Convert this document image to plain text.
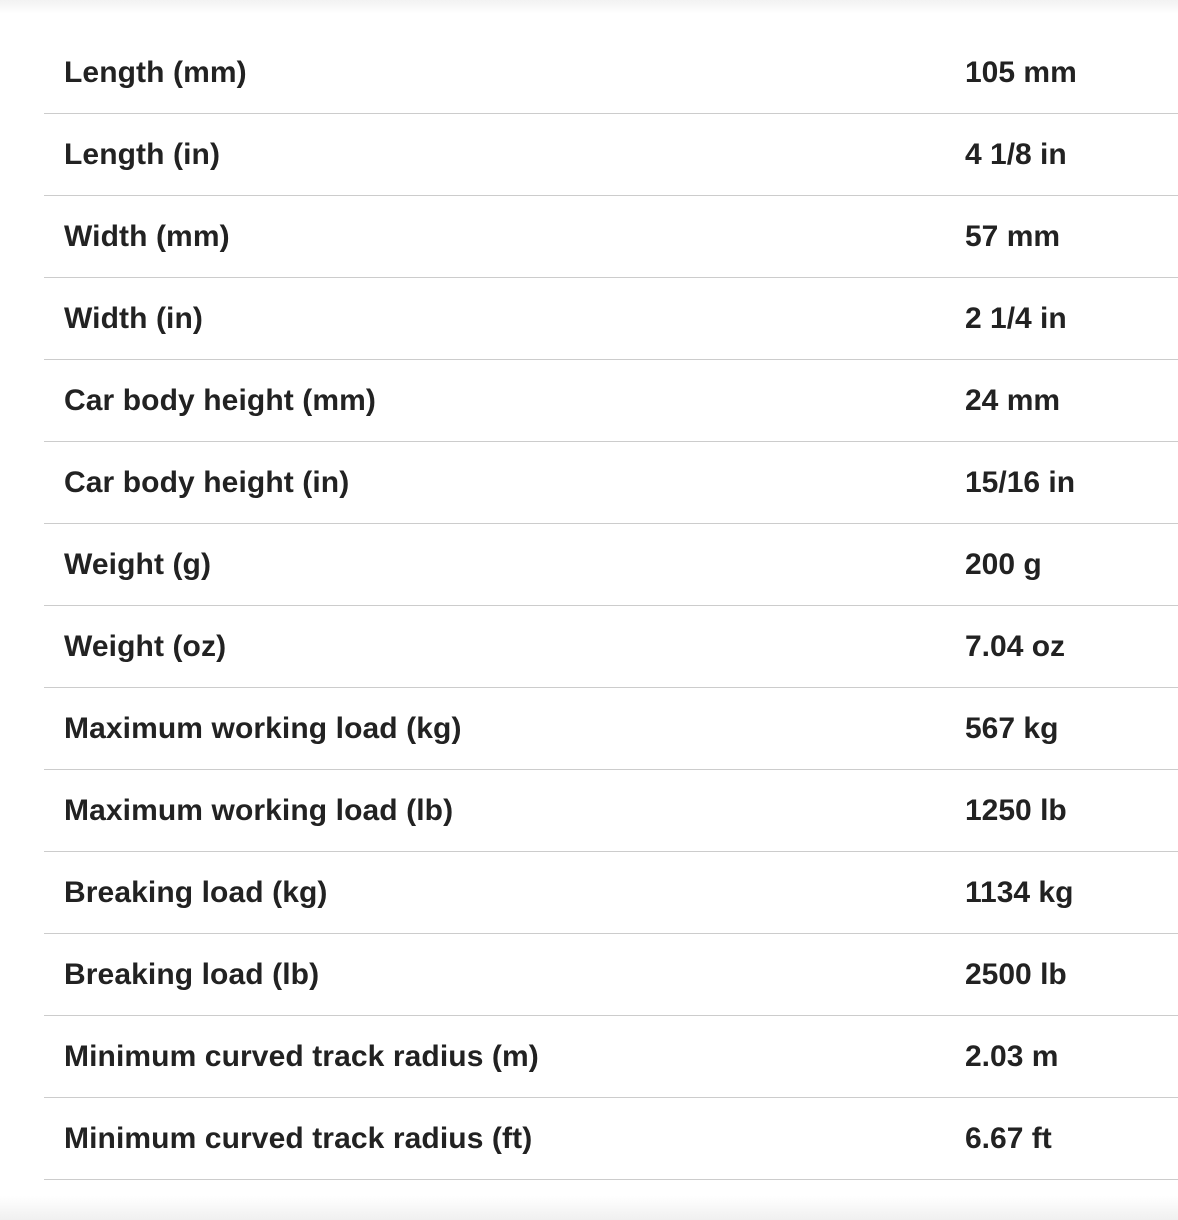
Length (mm)	105 mm
Length (in)	4 1/8 in
Width (mm)	57 mm
Width (in)	2 1/4 in
Car body height (mm)	24 mm
Car body height (in)	15/16 in
Weight (g)	200 g
Weight (oz)	7.04 oz
Maximum working load (kg)	567 kg
Maximum working load (lb)	1250 lb
Breaking load (kg)	1134 kg
Breaking load (lb)	2500 lb
Minimum curved track radius (m)	2.03 m
Minimum curved track radius (ft)	6.67 ft
